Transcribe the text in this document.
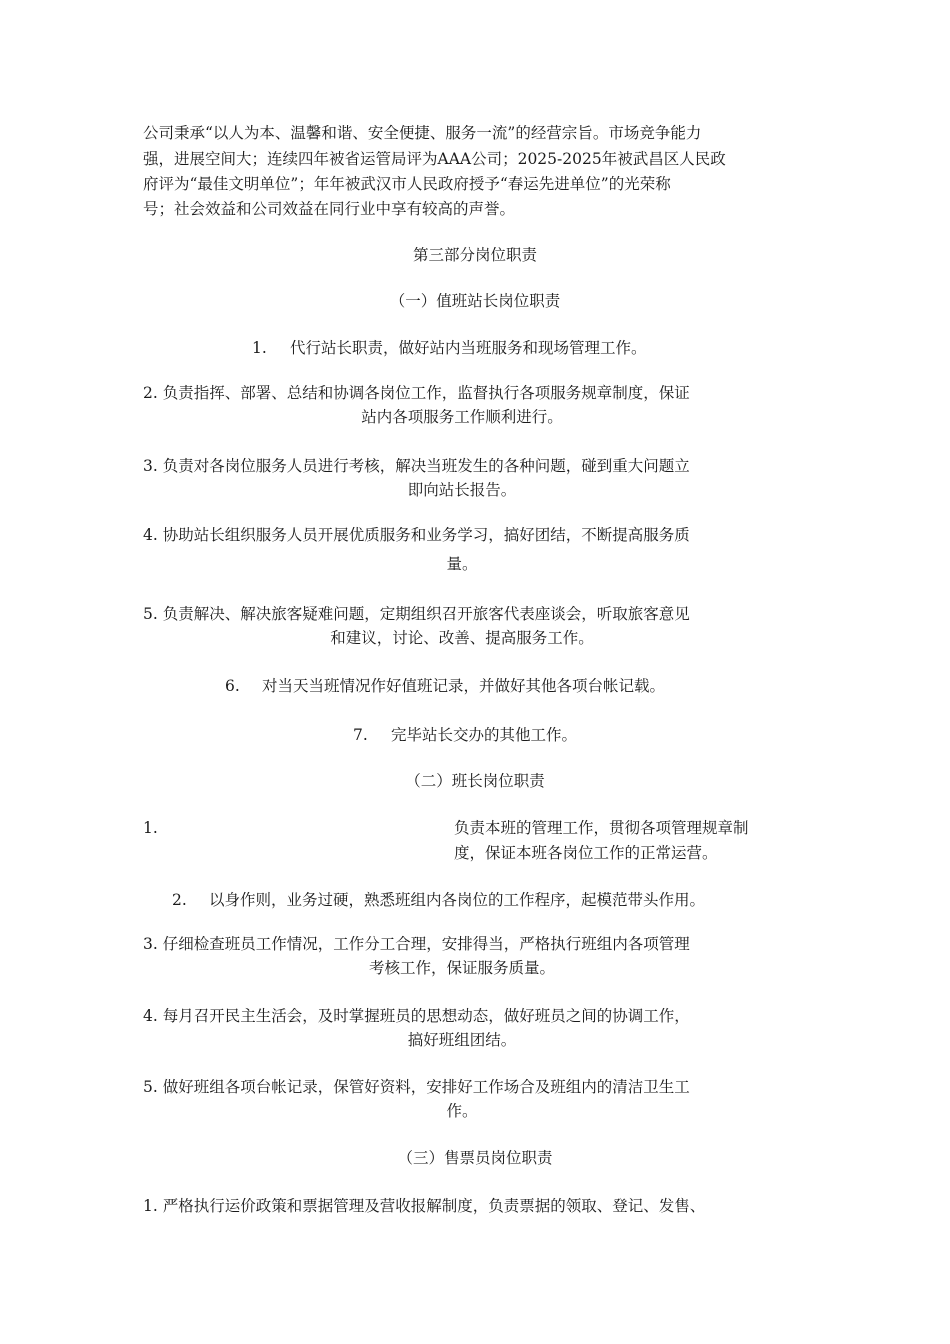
公司秉承“以人为本、温馨和谐、安全便捷、服务一流”的经营宗旨。市场竞争能力
强，进展空间大；连续四年被省运管局评为AAA公司；2025-2025年被武昌区人民政
府评为“最佳文明单位”；年年被武汉市人民政府授予“春运先进单位”的光荣称
号；社会效益和公司效益在同行业中享有较高的声誉。
第三部分岗位职责
（一）值班站长岗位职责
1. 代行站长职责，做好站内当班服务和现场管理工作。
2. 负责指挥、部署、总结和协调各岗位工作，监督执行各项服务规章制度，保证
站内各项服务工作顺利进行。
3. 负责对各岗位服务人员进行考核，解决当班发生的各种问题，碰到重大问题立
即向站长报告。
4. 协助站长组织服务人员开展优质服务和业务学习，搞好团结，不断提高服务质
量。
5. 负责解决、解决旅客疑难问题，定期组织召开旅客代表座谈会，听取旅客意见
和建议，讨论、改善、提高服务工作。
6. 对当天当班情况作好值班记录，并做好其他各项台帐记载。
7. 完毕站长交办的其他工作。
（二）班长岗位职责
1.	负责本班的管理工作，贯彻各项管理规章制
度，保证本班各岗位工作的正常运营。
2. 以身作则，业务过硬，熟悉班组内各岗位的工作程序，起模范带头作用。
3. 仔细检查班员工作情况，工作分工合理，安排得当，严格执行班组内各项管理
考核工作，保证服务质量。
4. 每月召开民主生活会，及时掌握班员的思想动态，做好班员之间的协调工作，
搞好班组团结。
5. 做好班组各项台帐记录，保管好资料，安排好工作场合及班组内的清洁卫生工
作。
（三）售票员岗位职责
1. 严格执行运价政策和票据管理及营收报解制度，负责票据的领取、登记、发售、
